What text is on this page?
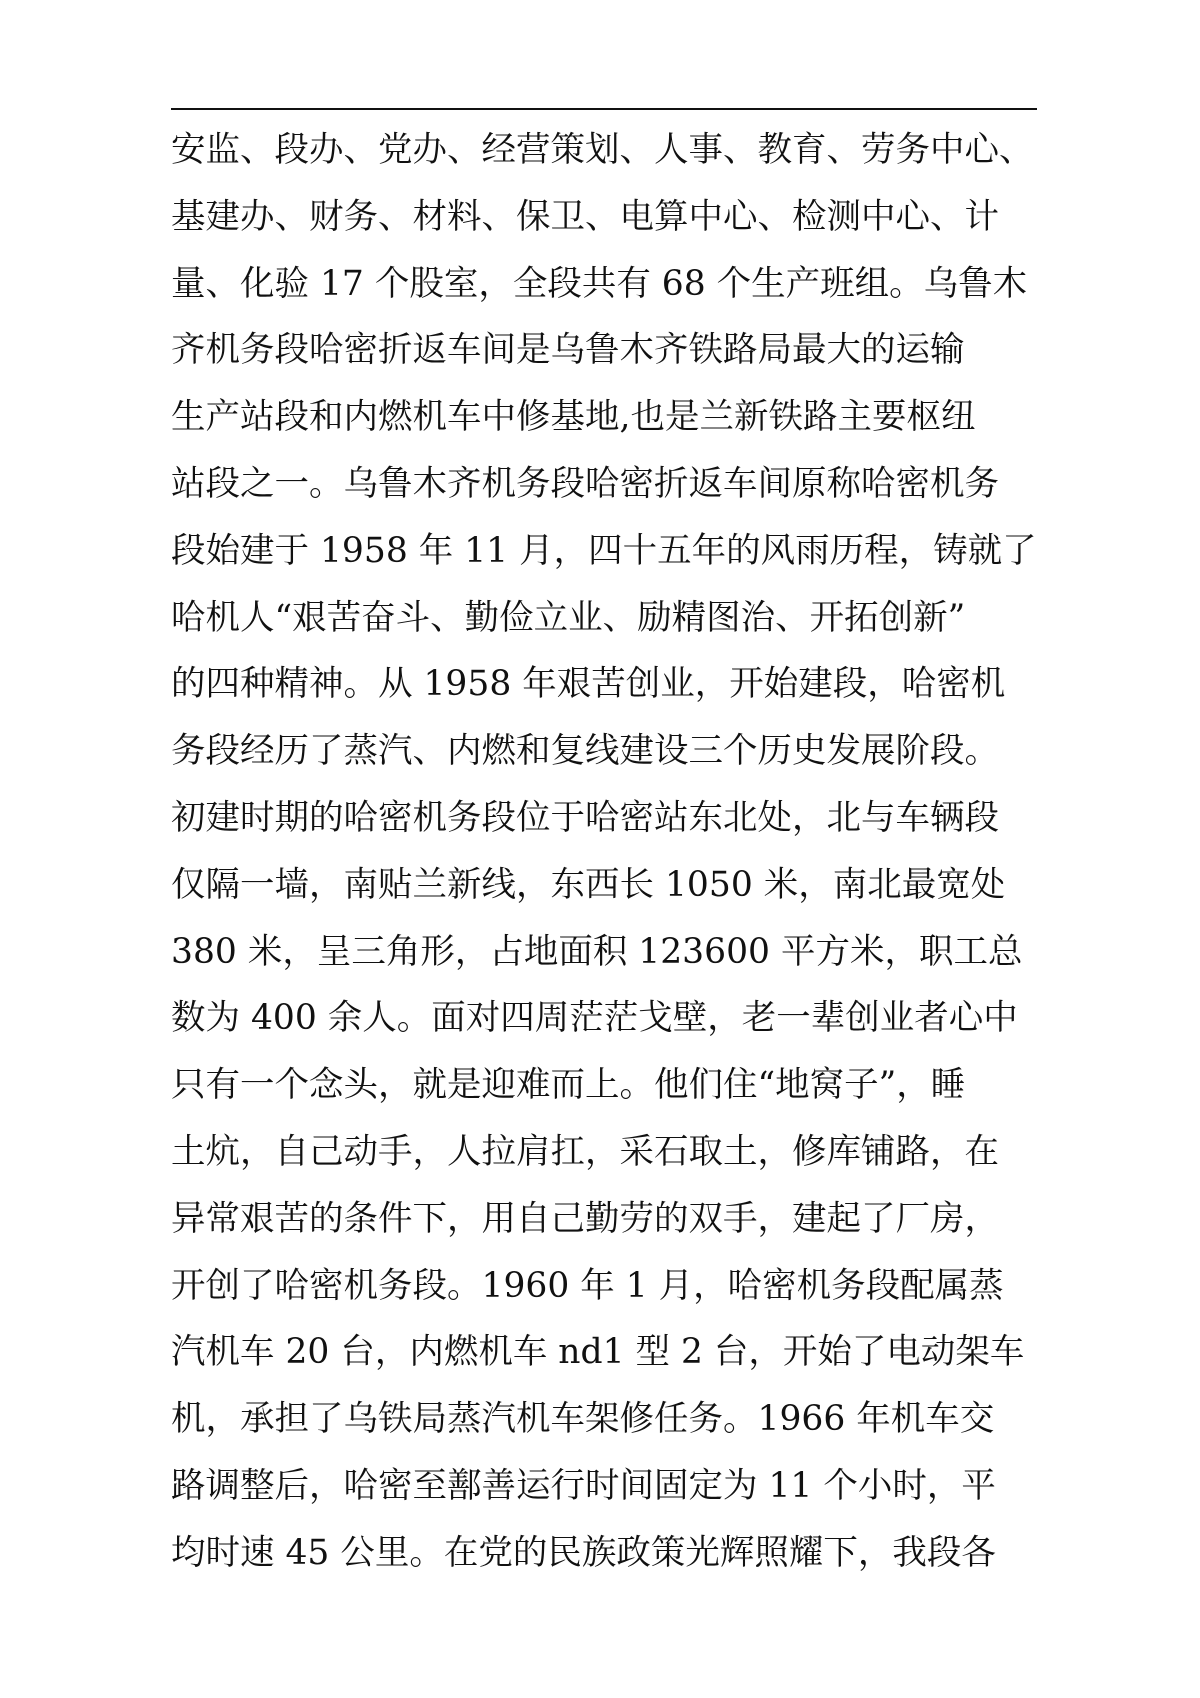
安监、段办、党办、经营策划、人事、教育、劳务中心、
基建办、财务、材料、保卫、电算中心、检测中心、计
量、化验 17 个股室，全段共有 68 个生产班组。乌鲁木
齐机务段哈密折返车间是乌鲁木齐铁路局最大的运输
生产站段和内燃机车中修基地,也是兰新铁路主要枢纽
站段之一。乌鲁木齐机务段哈密折返车间原称哈密机务
段始建于 1958 年 11 月，四十五年的风雨历程，铸就了
哈机人“艰苦奋斗、勤俭立业、励精图治、开拓创新”
的四种精神。从 1958 年艰苦创业，开始建段，哈密机
务段经历了蒸汽、内燃和复线建设三个历史发展阶段。
初建时期的哈密机务段位于哈密站东北处，北与车辆段
仅隔一墙，南贴兰新线，东西长 1050 米，南北最宽处
380 米，呈三角形，占地面积 123600 平方米，职工总
数为 400 余人。面对四周茫茫戈壁，老一辈创业者心中
只有一个念头，就是迎难而上。他们住“地窝子”，睡
土炕，自己动手，人拉肩扛，采石取土，修库铺路，在
异常艰苦的条件下，用自己勤劳的双手，建起了厂房，
开创了哈密机务段。1960 年 1 月，哈密机务段配属蒸
汽机车 20 台，内燃机车 nd1 型 2 台，开始了电动架车
机，承担了乌铁局蒸汽机车架修任务。1966 年机车交
路调整后，哈密至鄯善运行时间固定为 11 个小时，平
均时速 45 公里。在党的民族政策光辉照耀下，我段各
